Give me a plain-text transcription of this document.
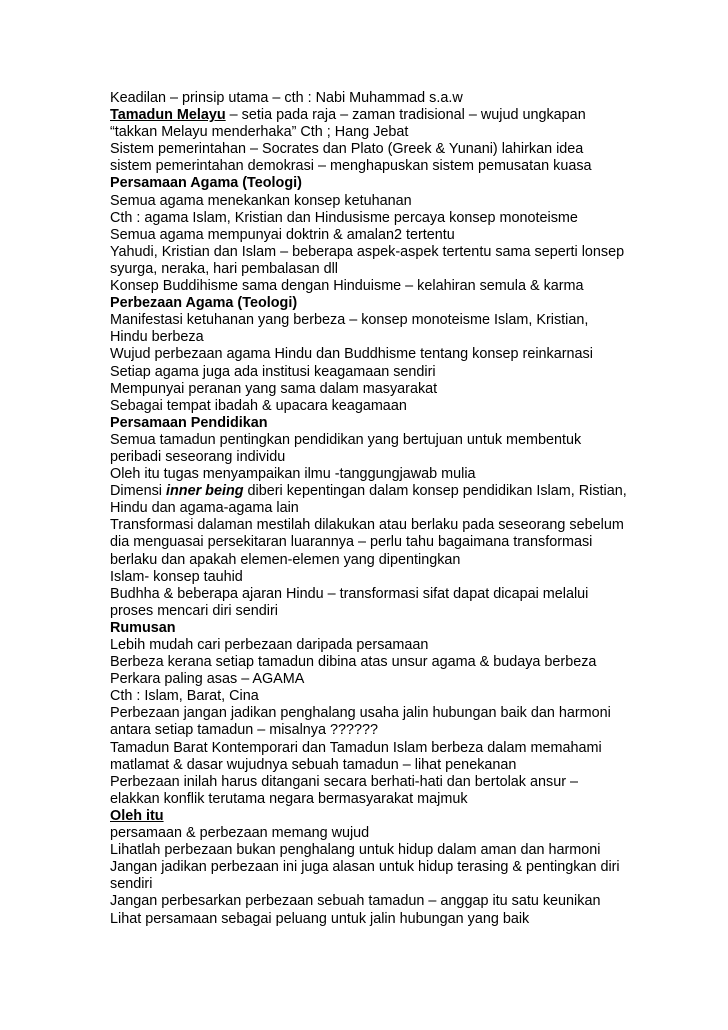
Keadilan – prinsip utama – cth : Nabi Muhammad s.a.w
Tamadun Melayu – setia pada raja – zaman tradisional – wujud ungkapan
“takkan Melayu menderhaka” Cth ; Hang Jebat
Sistem pemerintahan – Socrates dan Plato (Greek & Yunani) lahirkan idea
sistem pemerintahan demokrasi – menghapuskan sistem pemusatan kuasa
Persamaan Agama (Teologi)
Semua agama menekankan konsep ketuhanan
Cth : agama Islam, Kristian dan Hindusisme percaya konsep monoteisme
Semua agama mempunyai doktrin & amalan2 tertentu
Yahudi, Kristian dan Islam – beberapa aspek-aspek tertentu sama seperti lonsep
syurga, neraka, hari pembalasan dll
Konsep Buddihisme sama dengan Hinduisme – kelahiran semula & karma
Perbezaan Agama (Teologi)
Manifestasi ketuhanan yang berbeza – konsep monoteisme Islam, Kristian,
Hindu berbeza
Wujud perbezaan agama Hindu dan Buddhisme tentang konsep reinkarnasi
Setiap agama juga ada institusi keagamaan sendiri
Mempunyai peranan yang sama dalam masyarakat
Sebagai tempat ibadah & upacara keagamaan
Persamaan Pendidikan
Semua tamadun pentingkan pendidikan yang bertujuan untuk membentuk
peribadi seseorang individu
Oleh itu tugas menyampaikan ilmu -tanggungjawab mulia
Dimensi inner being diberi kepentingan dalam konsep pendidikan Islam, Ristian,
Hindu dan agama-agama lain
Transformasi dalaman mestilah dilakukan atau berlaku pada seseorang sebelum
dia menguasai persekitaran luarannya – perlu tahu bagaimana transformasi
berlaku dan apakah elemen-elemen yang dipentingkan
Islam- konsep tauhid
Budhha & beberapa ajaran Hindu – transformasi sifat dapat dicapai melalui
proses mencari diri sendiri
Rumusan
Lebih mudah cari perbezaan daripada persamaan
Berbeza kerana setiap tamadun dibina atas unsur agama & budaya berbeza
Perkara paling asas – AGAMA
Cth : Islam, Barat, Cina
Perbezaan jangan jadikan penghalang usaha jalin hubungan baik dan harmoni
antara setiap tamadun – misalnya ??????
Tamadun Barat Kontemporari dan Tamadun Islam berbeza dalam memahami
matlamat & dasar wujudnya sebuah tamadun – lihat penekanan
Perbezaan inilah harus ditangani secara berhati-hati dan bertolak ansur –
elakkan konflik terutama negara bermasyarakat majmuk
Oleh itu
persamaan & perbezaan memang wujud
Lihatlah perbezaan bukan penghalang untuk hidup dalam aman dan harmoni
Jangan jadikan perbezaan ini juga alasan untuk hidup terasing & pentingkan diri
sendiri
Jangan perbesarkan perbezaan sebuah tamadun – anggap itu satu keunikan
Lihat persamaan sebagai peluang untuk jalin hubungan yang baik
